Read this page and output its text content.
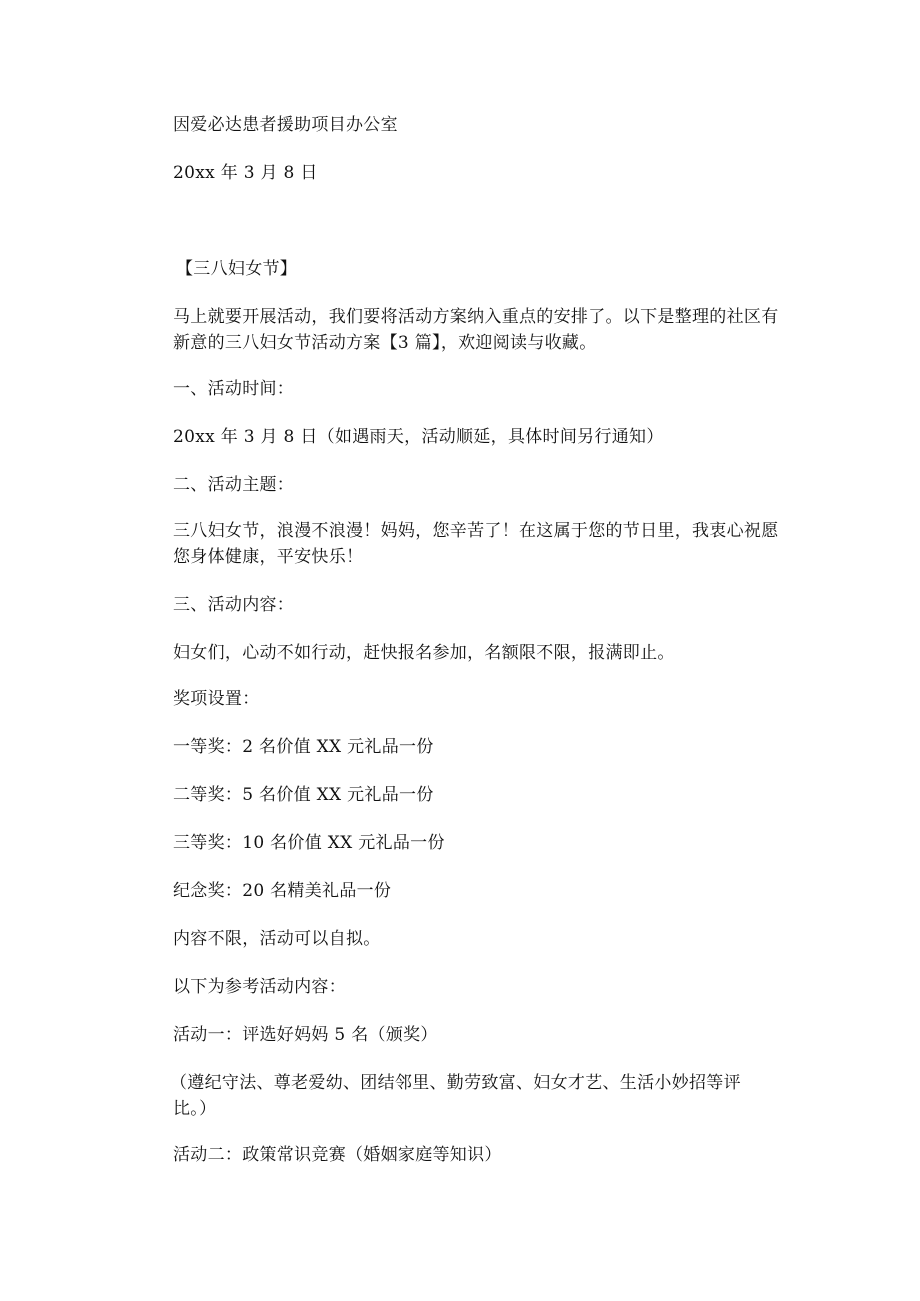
因爱必达患者援助项目办公室
20xx 年 3 月 8 日
【三八妇女节】
马上就要开展活动，我们要将活动方案纳入重点的安排了。以下是整理的社区有
新意的三八妇女节活动方案【3 篇】，欢迎阅读与收藏。
一、活动时间：
20xx 年 3 月 8 日（如遇雨天，活动顺延，具体时间另行通知）
二、活动主题：
三八妇女节，浪漫不浪漫！妈妈，您辛苦了！在这属于您的节日里，我衷心祝愿
您身体健康，平安快乐！
三、活动内容：
妇女们，心动不如行动，赶快报名参加，名额限不限，报满即止。
奖项设置：
一等奖：2 名价值 XX 元礼品一份
二等奖：5 名价值 XX 元礼品一份
三等奖：10 名价值 XX 元礼品一份
纪念奖：20 名精美礼品一份
内容不限，活动可以自拟。
以下为参考活动内容：
活动一：评选好妈妈 5 名（颁奖）
（遵纪守法、尊老爱幼、团结邻里、勤劳致富、妇女才艺、生活小妙招等评
比。）
活动二：政策常识竞赛（婚姻家庭等知识）
